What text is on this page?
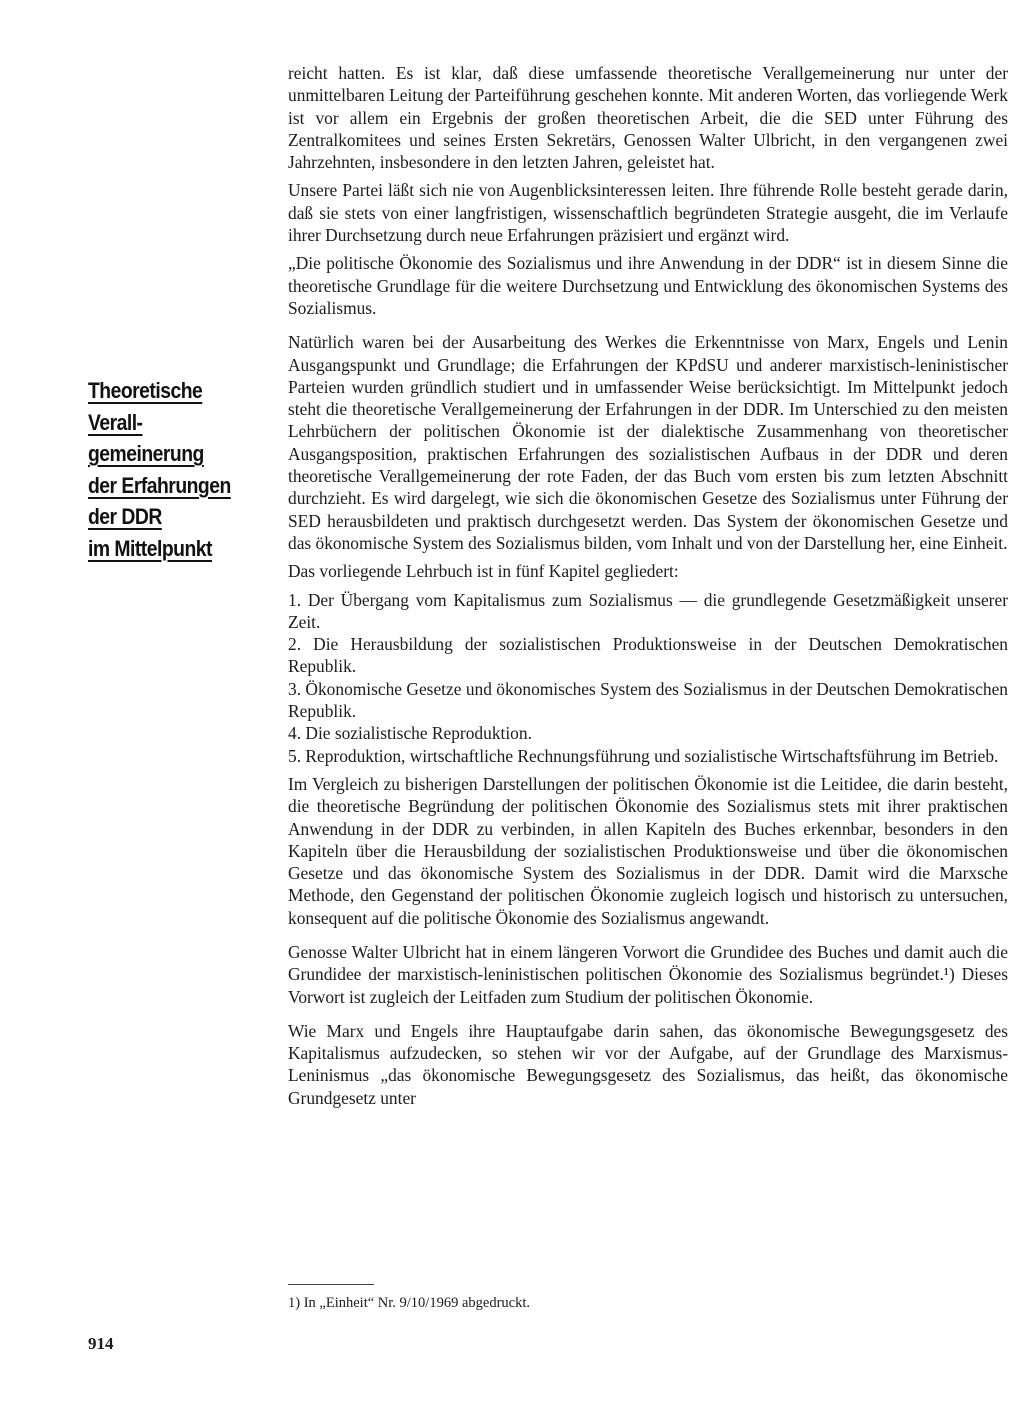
Theoretische
Verall-
gemeinerung
der Erfahrungen
der DDR
im Mittelpunkt

reicht hatten. Es ist klar, daß diese umfassende theoretische Verallgemeinerung nur unter der unmittelbaren Leitung der Parteiführung geschehen konnte. Mit anderen Worten, das vorliegende Werk ist vor allem ein Ergebnis der großen theoretischen Arbeit, die die SED unter Führung des Zentralkomitees und seines Ersten Sekretärs, Genossen Walter Ulbricht, in den vergangenen zwei Jahrzehnten, insbesondere in den letzten Jahren, geleistet hat.

Unsere Partei läßt sich nie von Augenblicksinteressen leiten. Ihre führende Rolle besteht gerade darin, daß sie stets von einer langfristigen, wissenschaftlich begründeten Strategie ausgeht, die im Verlaufe ihrer Durchsetzung durch neue Erfahrungen präzisiert und ergänzt wird.

„Die politische Ökonomie des Sozialismus und ihre Anwendung in der DDR“ ist in diesem Sinne die theoretische Grundlage für die weitere Durchsetzung und Entwicklung des ökonomischen Systems des Sozialismus.

Natürlich waren bei der Ausarbeitung des Werkes die Erkenntnisse von Marx, Engels und Lenin Ausgangspunkt und Grundlage; die Erfahrungen der KPdSU und anderer marxistisch-leninistischer Parteien wurden gründlich studiert und in umfassender Weise berücksichtigt. Im Mittelpunkt jedoch steht die theoretische Verallgemeinerung der Erfahrungen in der DDR. Im Unterschied zu den meisten Lehrbüchern der politischen Ökonomie ist der dialektische Zusammenhang von theoretischer Ausgangsposition, praktischen Erfahrungen des sozialistischen Aufbaus in der DDR und deren theoretische Verallgemeinerung der rote Faden, der das Buch vom ersten bis zum letzten Abschnitt durchzieht. Es wird dargelegt, wie sich die ökonomischen Gesetze des Sozialismus unter Führung der SED herausbildeten und praktisch durchgesetzt werden. Das System der ökonomischen Gesetze und das ökonomische System des Sozialismus bilden, vom Inhalt und von der Darstellung her, eine Einheit.

Das vorliegende Lehrbuch ist in fünf Kapitel gegliedert:

1. Der Übergang vom Kapitalismus zum Sozialismus — die grundlegende Gesetzmäßigkeit unserer Zeit.

2. Die Herausbildung der sozialistischen Produktionsweise in der Deutschen Demokratischen Republik.

3. Ökonomische Gesetze und ökonomisches System des Sozialismus in der Deutschen Demokratischen Republik.

4. Die sozialistische Reproduktion.

5. Reproduktion, wirtschaftliche Rechnungsführung und sozialistische Wirtschaftsführung im Betrieb.

Im Vergleich zu bisherigen Darstellungen der politischen Ökonomie ist die Leitidee, die darin besteht, die theoretische Begründung der politischen Ökonomie des Sozialismus stets mit ihrer praktischen Anwendung in der DDR zu verbinden, in allen Kapiteln des Buches erkennbar, besonders in den Kapiteln über die Herausbildung der sozialistischen Produktionsweise und über die ökonomischen Gesetze und das ökonomische System des Sozialismus in der DDR. Damit wird die Marxsche Methode, den Gegenstand der politischen Ökonomie zugleich logisch und historisch zu untersuchen, konsequent auf die politische Ökonomie des Sozialismus angewandt.

Genosse Walter Ulbricht hat in einem längeren Vorwort die Grundidee des Buches und damit auch die Grundidee der marxistisch-leninistischen politischen Ökonomie des Sozialismus begründet.¹) Dieses Vorwort ist zugleich der Leitfaden zum Studium der politischen Ökonomie.

Wie Marx und Engels ihre Hauptaufgabe darin sahen, das ökonomische Bewegungsgesetz des Kapitalismus aufzudecken, so stehen wir vor der Aufgabe, auf der Grundlage des Marxismus-Leninismus „das ökonomische Bewegungsgesetz des Sozialismus, das heißt, das ökonomische Grundgesetz unter

1) In „Einheit“ Nr. 9/10/1969 abgedruckt.
914
